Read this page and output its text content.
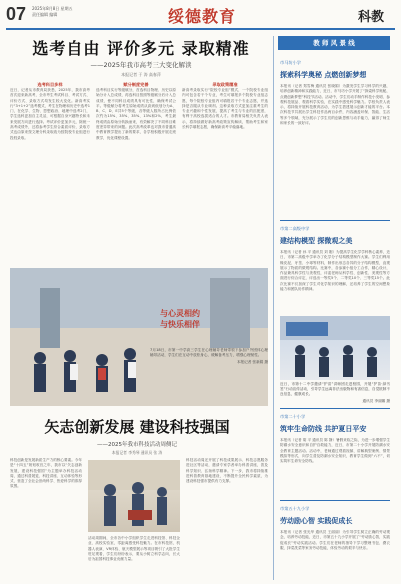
07 2025年8月8日 星期五
责任编辑 编辑	绥德教育	科教
选考自由 评价多元 录取精准
——2025年我市高考三大变化解读
本报记者 于 涛 高春萍
选考科目多样
近日，记者从市教育局获悉，2025年，我市高考首次迎来新高考，全市考生考试科目、考试方式、评价方式、录取方式均发生较大变化。新高考实行“3+1+2”选考模式，考生在物理和历史中选考1门，在化学、生物、思想政治、地理中选考2门，学生选科更加自主灵活，可根据自身兴趣特长和未来发展方向进行选择。考试评价更加多元，除统一高考成绩外，还将参考学生综合素质评价，录取方式也由原来按文理分科录取改为按院校专业组进行投档录取。
赋分制度完善
选考科目实行等级赋分，首选科目物理、历史以原始分计入总成绩，再选科目按照等级赋分后计入总成绩，使不同科目成绩具有可比性，确保考试公平。等级赋分将考生原始成绩从高到低划分为A、B、C、D、E共5个等级，各等级人数所占比例依次约为15%、35%、35%、13%和2%，考生最终成绩由原始分转换而来，有效解决了不同科目难度差异带来的问题。此次高考改革也对我市普通高中教育教学提出了新的要求，各学校积极开展走班教学，优化课程设置。
录取政策精准
新高考录取实行“院校专业组”模式，一个院校专业组内可包含若干个专业，考生可填报多个院校专业组志愿，每个院校专业组内可填报若干个专业志愿，并选择是否服从专业调剂。这种录取方式更加注重考生的专业兴趣和个性发展，提高了考生与专业的匹配度，有利于高校选拔适合的人才。市教育局相关负责人表示，将持续做好新高考政策宣传解读，帮助考生和家长科学填报志愿，确保新高考平稳落地。
与心灵相约
与快乐相伴
7月18日，市第一中学高三学生在心理辅导老师带领下参加户外团体心理辅导活动，学生们在互动中放松身心，缓解备考压力，增强心理韧性。
本报记者 张新娟 摄
矢志创新发展 建设科技强国
——2025年我市科技活动周侧记
本报记者 李秀琴 通讯员 张 涛
科技创新是发展新质生产力的核心要素。今年是“十四五”规划收官之年，我市以“矢志创新发展，建设科技强国”为主题举办科技活动周，通过科普展览、科技讲座、互动体验等形式，营造了全社会崇尚科学、热爱科学的浓厚氛围。
活动周期间，全市各中小学组织学生走进科技馆、科技企业、高校实验室，零距离感受科技魅力。在市科技馆，机器人表演、VR体验、航天模型展示等项目吸引了大批学生驻足观看，学生们纷纷表示，要从小树立科学志向，长大后为祖国科技事业贡献力量。
科技活动周还开展了科技成果展示、科技志愿服务进社区等活动，邀请专家学者举办科普讲座，普及科学知识、弘扬科学精神。下一步，我市将持续推进科普教育基地建设，不断提升全民科学素质，为建设科技强市提供有力支撑。
教 师 风 景 线
市马坊小学
探索科学奥秘 点燃创新梦想
本报讯（记者 郑雪梅 通讯员 张晓娟）为激发学生学习科学的兴趣，培养创新精神和实践能力，近日，市马坊小学开展了“探索科学奥秘，点燃创新梦想”科技节活动。活动中，学生们动手制作科技小发明、参观科技展品、观看科学实验，在实践中感受科学魅力。学校负责人表示，将持续开展科技教育活动，为学生搭建展示创新才能的平台。本次科技节共展出学生科技作品两百余件，内容涵盖环保、智能、生活等多个领域，充分展示了学生们的创新思维与动手能力，赢得了师生和家长的一致好评。
市第二高级中学
建结构模型 探微观之美
本报讯（记者 孙 平 通讯员 刘 刚）为提高学生化学学科核心素养，近日，市第二高级中学举办了化学分子结构模型制作大赛。学生们利用橡皮泥、牙签、小球等材料，制作出形态各异的分子结构模型，直观展示了物质的微观结构。比赛中，各参赛小组分工合作，精心设计，作品兼具科学性与美观性，评委老师从科学性、创新性、美观性等方面进行综合评定，评选出一等奖5个、二等奖10个、三等奖15个。此次比赛不仅加深了学生对化学知识的理解，还培养了学生的空间想象能力和团队协作精神。
近日，市第十二中学邀请“护苗”讲师团走进校园，开展“护苗·绿书签”行动宣传活动，引导学生远离非法出版物和有害信息，自觉抵制不良信息，健康成长。
通讯员 李丽娜 摄
市第二十小学
筑牢生命防线 共护夏日平安
本报讯（记者 胡 平 通讯员 陈 静）暑假来临之际，为进一步增强学生防溺水安全意识和自护自救能力，近日，市第二十小学开展防溺水安全教育主题活动。活动中，老师通过观看视频、讲解典型案例、情景模拟等形式，向学生普及防溺水安全知识，教育学生做到“六不”，切实筑牢生命安全防线。
市第五十九小学
劳动励心智 实践促成长
本报讯（记者 张光华 通讯员 王丽丽）为引导学生树立正确的劳动观念，培养劳动技能，近日，市第五十九小学开展了“劳动励心智，实践促成长”劳动实践活动。学生们在老师的指导下学习整理书包、叠衣服、择菜洗菜等家务劳动技能，体验劳动的艰辛与快乐。
